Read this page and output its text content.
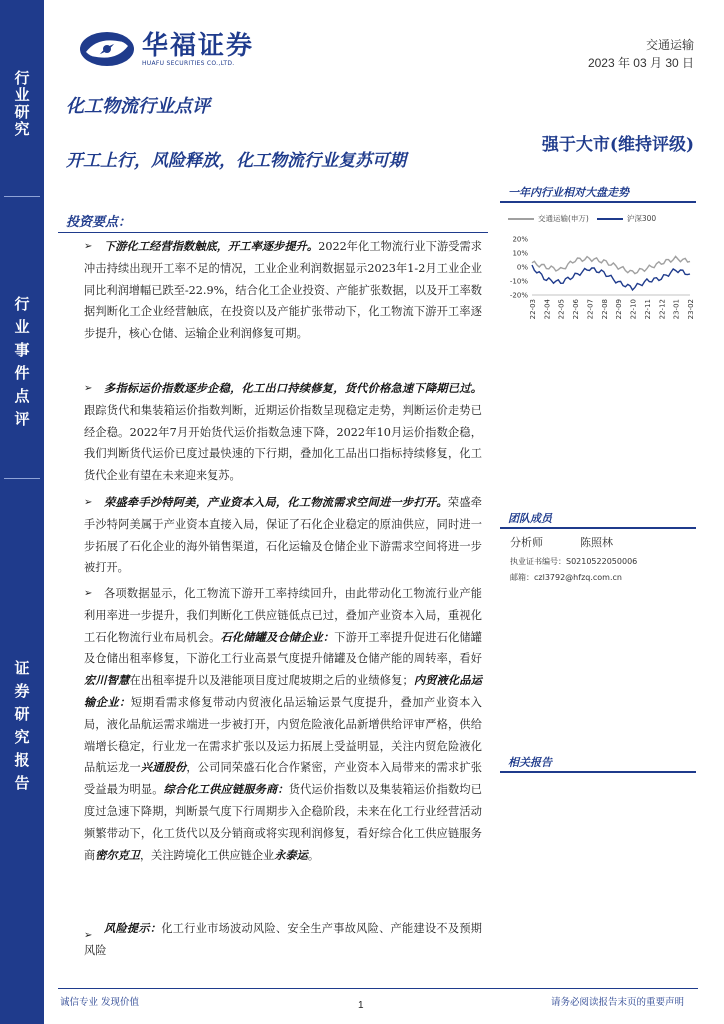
行
业
研
究
行
业
事
件
点
评
证
券
研
究
报
告
华福证券
HUAFU SECURITIES CO.,LTD.
交通运输
2023 年 03 月 30 日
化工物流行业点评
开工上行，风险释放，化工物流行业复苏可期
强于大市(维持评级)
一年内行业相对大盘走势
交通运输(申万)	沪深300
20%
10%
0%
-10%
-20%
22-03 22-04 22-05 22-06 22-07 22-08 22-09 22-10 22-11 22-12 23-01 23-02
团队成员
分析师	陈照林
执业证书编号：S0210522050006
邮箱：czl3792@hfzq.com.cn
相关报告
投资要点：
➢	下游化工经营指数触底，开工率逐步提升。2022年化工物流行业下游受需求冲击持续出现开工率不足的情况，工业企业利润数据显示2023年1-2月工业企业同比利润增幅已跌至-22.9%，结合化工企业投资、产能扩张数据，以及开工率数据判断化工企业经营触底，在投资以及产能扩张带动下，化工物流下游开工率逐步提升，核心仓储、运输企业利润修复可期。
➢	多指标运价指数逐步企稳，化工出口持续修复，货代价格急速下降期已过。跟踪货代和集装箱运价指数判断，近期运价指数呈现稳定走势，判断运价走势已经企稳。2022年7月开始货代运价指数急速下降，2022年10月运价指数企稳，我们判断货代运价已度过最快速的下行期，叠加化工品出口指标持续修复，化工货代企业有望在未来迎来复苏。
➢	荣盛牵手沙特阿美，产业资本入局，化工物流需求空间进一步打开。荣盛牵手沙特阿美属于产业资本直接入局，保证了石化企业稳定的原油供应，同时进一步拓展了石化企业的海外销售渠道，石化运输及仓储企业下游需求空间将进一步被打开。
➢	各项数据显示，化工物流下游开工率持续回升，由此带动化工物流行业产能利用率进一步提升，我们判断化工供应链低点已过，叠加产业资本入局，重视化工石化物流行业布局机会。石化储罐及仓储企业：下游开工率提升促进石化储罐及仓储出租率修复，下游化工行业高景气度提升储罐及仓储产能的周转率，看好宏川智慧在出租率提升以及港能项目度过爬坡期之后的业绩修复；内贸液化品运输企业：短期看需求修复带动内贸液化品运输运景气度提升，叠加产业资本入局，液化品航运需求端进一步被打开，内贸危险液化品新增供给评审严格，供给端增长稳定，行业龙一在需求扩张以及运力拓展上受益明显，关注内贸危险液化品航运龙一兴通股份，公司同荣盛石化合作紧密，产业资本入局带来的需求扩张受益最为明显。综合化工供应链服务商：货代运价指数以及集装箱运价指数均已度过急速下降期，判断景气度下行周期步入企稳阶段，未来在化工行业经营活动频繁带动下，化工货代以及分销商或将实现利润修复，看好综合化工供应链服务商密尔克卫，关注跨境化工供应链企业永泰运。
➢
风险提示：化工行业市场波动风险、安全生产事故风险、产能建设不及预期风险
诚信专业 发现价值	1	请务必阅读报告末页的重要声明
